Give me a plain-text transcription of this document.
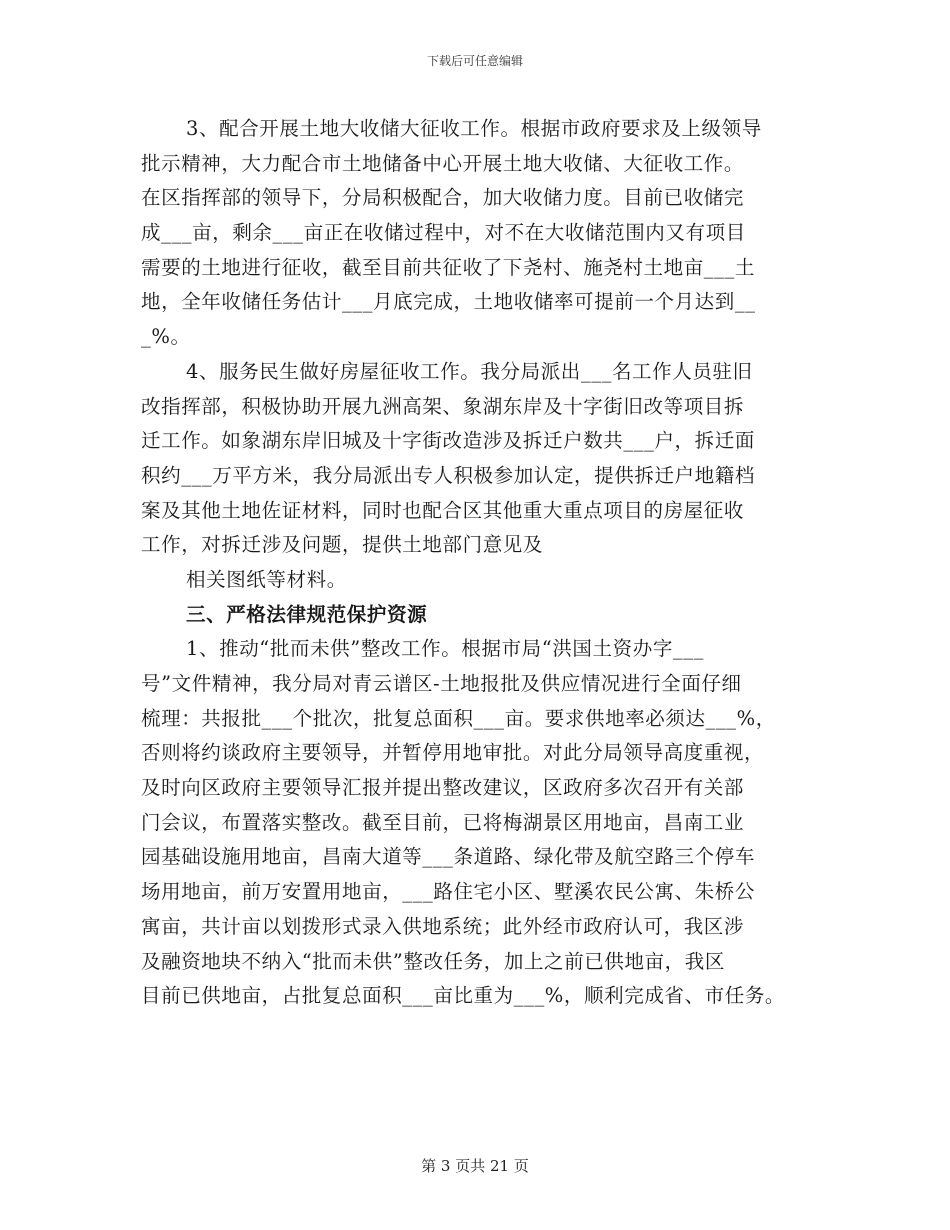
下载后可任意编辑
3、配合开展土地大收储大征收工作。根据市政府要求及上级领导
批示精神，大力配合市土地储备中心开展土地大收储、大征收工作。
在区指挥部的领导下，分局积极配合，加大收储力度。目前已收储完
成___亩，剩余___亩正在收储过程中，对不在大收储范围内又有项目
需要的土地进行征收，截至目前共征收了下尧村、施尧村土地亩___土
地，全年收储任务估计___月底完成，土地收储率可提前一个月达到__
_%。
4、服务民生做好房屋征收工作。我分局派出___名工作人员驻旧
改指挥部，积极协助开展九洲高架、象湖东岸及十字街旧改等项目拆
迁工作。如象湖东岸旧城及十字街改造涉及拆迁户数共___户，拆迁面
积约___万平方米，我分局派出专人积极参加认定，提供拆迁户地籍档
案及其他土地佐证材料，同时也配合区其他重大重点项目的房屋征收
工作，对拆迁涉及问题，提供土地部门意见及
相关图纸等材料。
三、严格法律规范保护资源
1、推动“批而未供”整改工作。根据市局“洪国土资办字___
号”文件精神，我分局对青云谱区-土地报批及供应情况进行全面仔细
梳理：共报批___个批次，批复总面积___亩。要求供地率必须达___%，
否则将约谈政府主要领导，并暂停用地审批。对此分局领导高度重视，
及时向区政府主要领导汇报并提出整改建议，区政府多次召开有关部
门会议，布置落实整改。截至目前，已将梅湖景区用地亩，昌南工业
园基础设施用地亩，昌南大道等___条道路、绿化带及航空路三个停车
场用地亩，前万安置用地亩，___路住宅小区、墅溪农民公寓、朱桥公
寓亩，共计亩以划拨形式录入供地系统；此外经市政府认可，我区涉
及融资地块不纳入“批而未供”整改任务，加上之前已供地亩，我区
目前已供地亩，占批复总面积___亩比重为___%，顺利完成省、市任务。
第 3 页共 21 页
